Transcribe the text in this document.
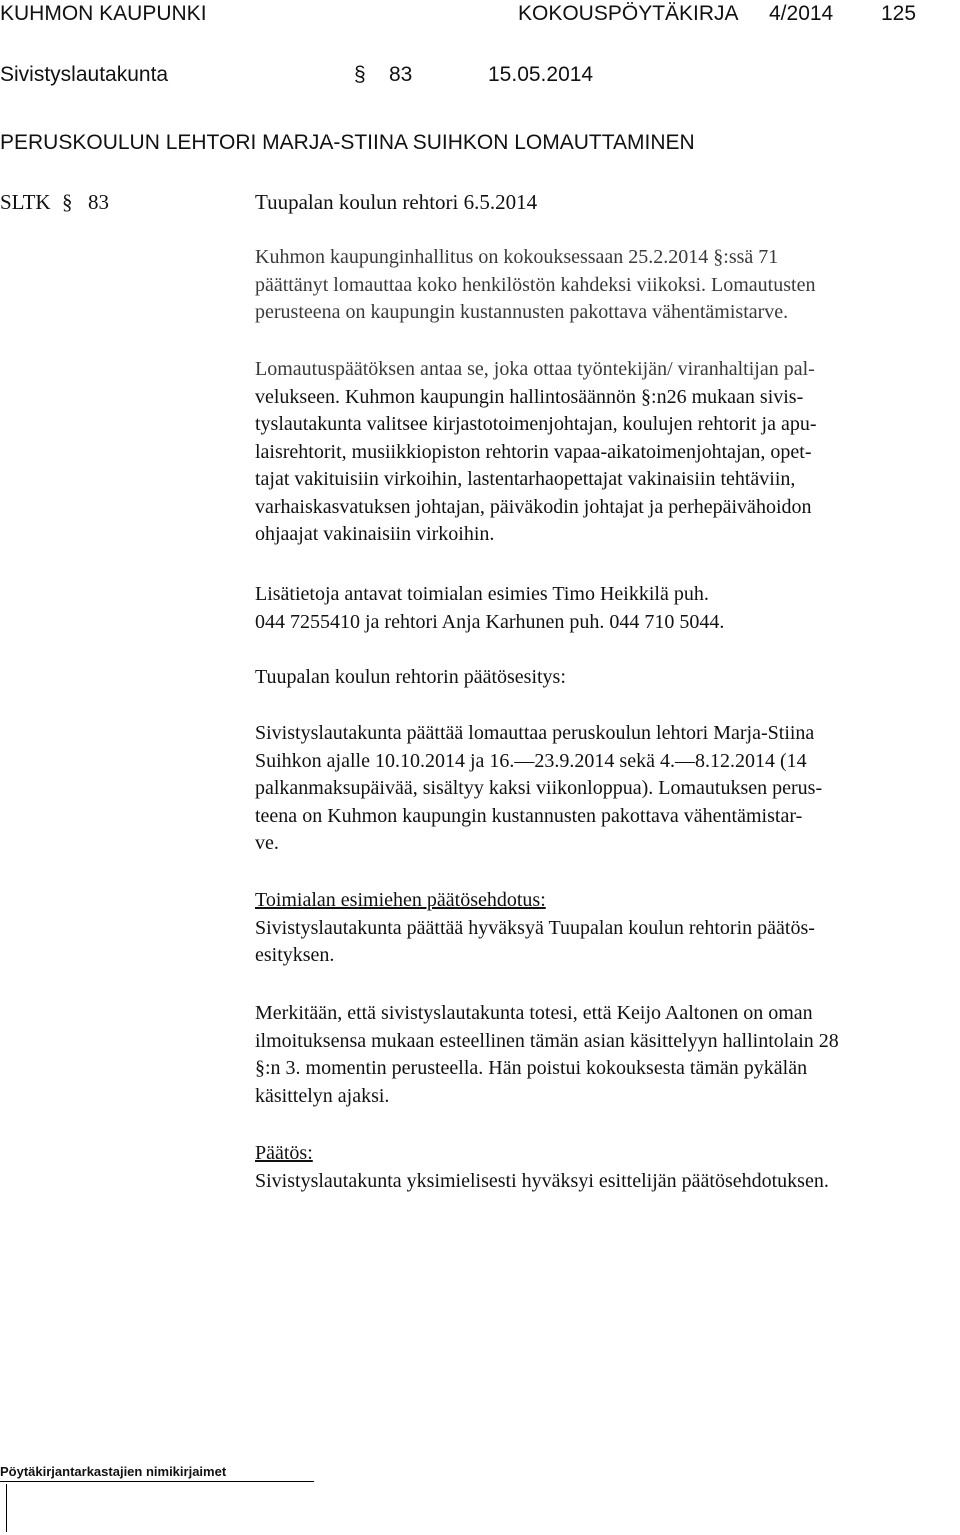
KUHMON KAUPUNKI	KOKOUSPÖYTÄKIRJA 4/2014 125
Sivistyslautakunta	§ 83	15.05.2014
PERUSKOULUN LEHTORI MARJA-STIINA SUIHKON LOMAUTTAMINEN
SLTK § 83	Tuupalan koulun rehtori 6.5.2014

Kuhmon kaupunginhallitus on kokouksessaan 25.2.2014 §:ssä 71

päättänyt lomauttaa koko henkilöstön kahdeksi viikoksi. Lomautusten

perusteena on kaupungin kustannusten pakottava vähentämistarve.

Lomautuspäätöksen antaa se, joka ottaa työntekijän/ viranhaltijan pal-

velukseen. Kuhmon kaupungin hallintosäännön §:n26 mukaan sivis-

tyslautakunta valitsee kirjastotoimenjohtajan, koulujen rehtorit ja apu-

laisrehtorit, musiikkiopiston rehtorin vapaa-aikatoimenjohtajan, opet-

tajat vakituisiin virkoihin, lastentarhaopettajat vakinaisiin tehtäviin,

varhaiskasvatuksen johtajan, päiväkodin johtajat ja perhepäivähoidon

ohjaajat vakinaisiin virkoihin.

Lisätietoja antavat toimialan esimies Timo Heikkilä puh.

044 7255410 ja rehtori Anja Karhunen puh. 044 710 5044.

Tuupalan koulun rehtorin päätösesitys:

Sivistyslautakunta päättää lomauttaa peruskoulun lehtori Marja-Stiina

Suihkon ajalle 10.10.2014 ja 16.—23.9.2014 sekä 4.—8.12.2014 (14

palkanmaksupäivää, sisältyy kaksi viikonloppua). Lomautuksen perus-

teena on Kuhmon kaupungin kustannusten pakottava vähentämistar-

ve.

Toimialan esimiehen päätösehdotus:

Sivistyslautakunta päättää hyväksyä Tuupalan koulun rehtorin päätös-

esityksen.

Merkitään, että sivistyslautakunta totesi, että Keijo Aaltonen on oman

ilmoituksensa mukaan esteellinen tämän asian käsittelyyn hallintolain 28

§:n 3. momentin perusteella. Hän poistui kokouksesta tämän pykälän

käsittelyn ajaksi.

Päätös:

Sivistyslautakunta yksimielisesti hyväksyi esittelijän päätösehdotuksen.

Pöytäkirjantarkastajien nimikirjaimet
